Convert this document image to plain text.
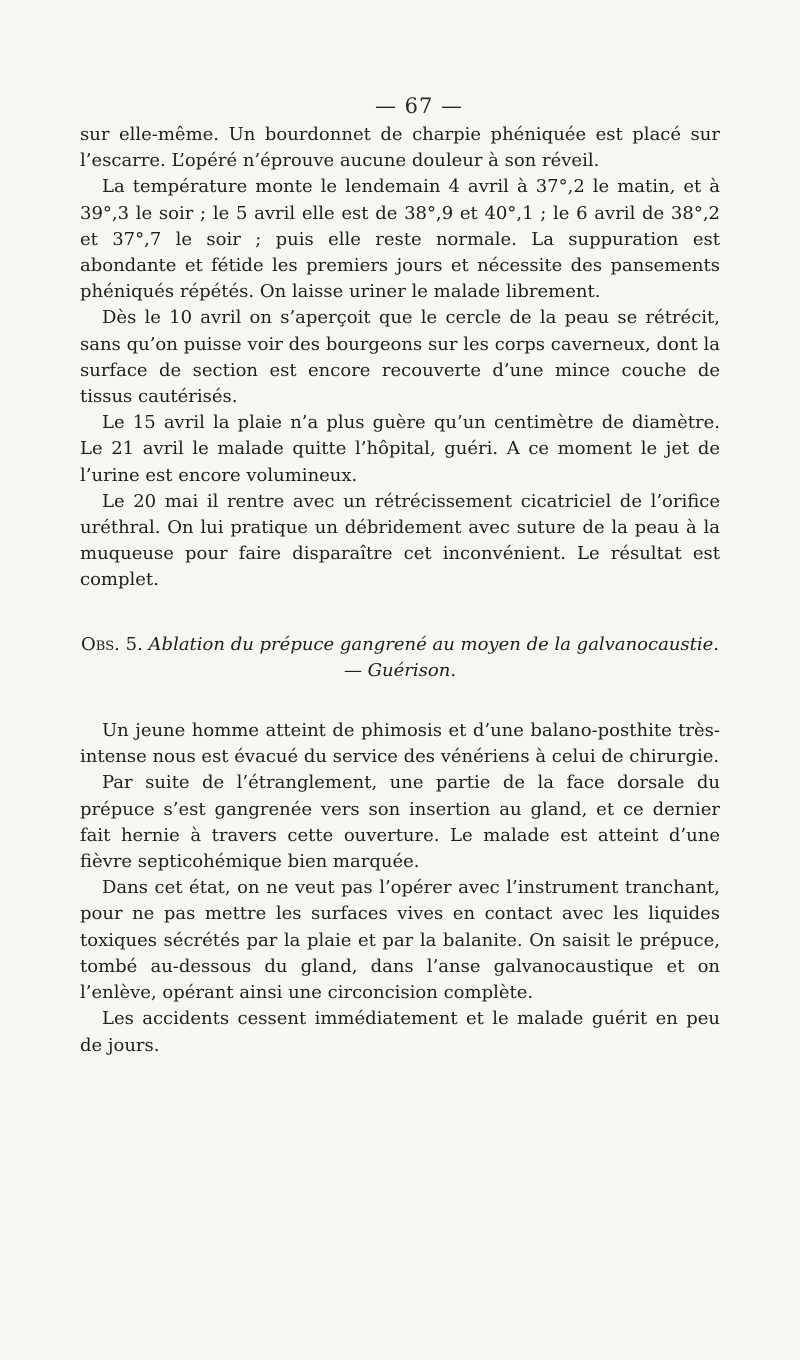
— 67 —

sur elle-même. Un bourdonnet de charpie phéniquée est placé sur l’escarre. L’opéré n’éprouve aucune douleur à son réveil.

La température monte le lendemain 4 avril à 37°,2 le matin, et à 39°,3 le soir ; le 5 avril elle est de 38°,9 et 40°,1 ; le 6 avril de 38°,2 et 37°,7 le soir ; puis elle reste normale. La suppuration est abondante et fétide les premiers jours et nécessite des pansements phéniqués répétés. On laisse uriner le malade librement.

Dès le 10 avril on s’aperçoit que le cercle de la peau se rétrécit, sans qu’on puisse voir des bourgeons sur les corps caverneux, dont la surface de section est encore recouverte d’une mince couche de tissus cautérisés.

Le 15 avril la plaie n’a plus guère qu’un centimètre de diamètre. Le 21 avril le malade quitte l’hôpital, guéri. A ce moment le jet de l’urine est encore volumineux.

Le 20 mai il rentre avec un rétrécissement cicatriciel de l’orifice uréthral. On lui pratique un débridement avec suture de la peau à la muqueuse pour faire disparaître cet inconvénient. Le résultat est complet.

Obs. 5. Ablation du prépuce gangrené au moyen de la galvanocaustie. — Guérison.

Un jeune homme atteint de phimosis et d’une balano-posthite très-intense nous est évacué du service des vénériens à celui de chirurgie.

Par suite de l’étranglement, une partie de la face dorsale du prépuce s’est gangrenée vers son insertion au gland, et ce dernier fait hernie à travers cette ouverture. Le malade est atteint d’une fièvre septicohémique bien marquée.

Dans cet état, on ne veut pas l’opérer avec l’instrument tranchant, pour ne pas mettre les surfaces vives en contact avec les liquides toxiques sécrétés par la plaie et par la balanite. On saisit le prépuce, tombé au-dessous du gland, dans l’anse galvanocaustique et on l’enlève, opérant ainsi une circoncision complète.

Les accidents cessent immédiatement et le malade guérit en peu de jours.
